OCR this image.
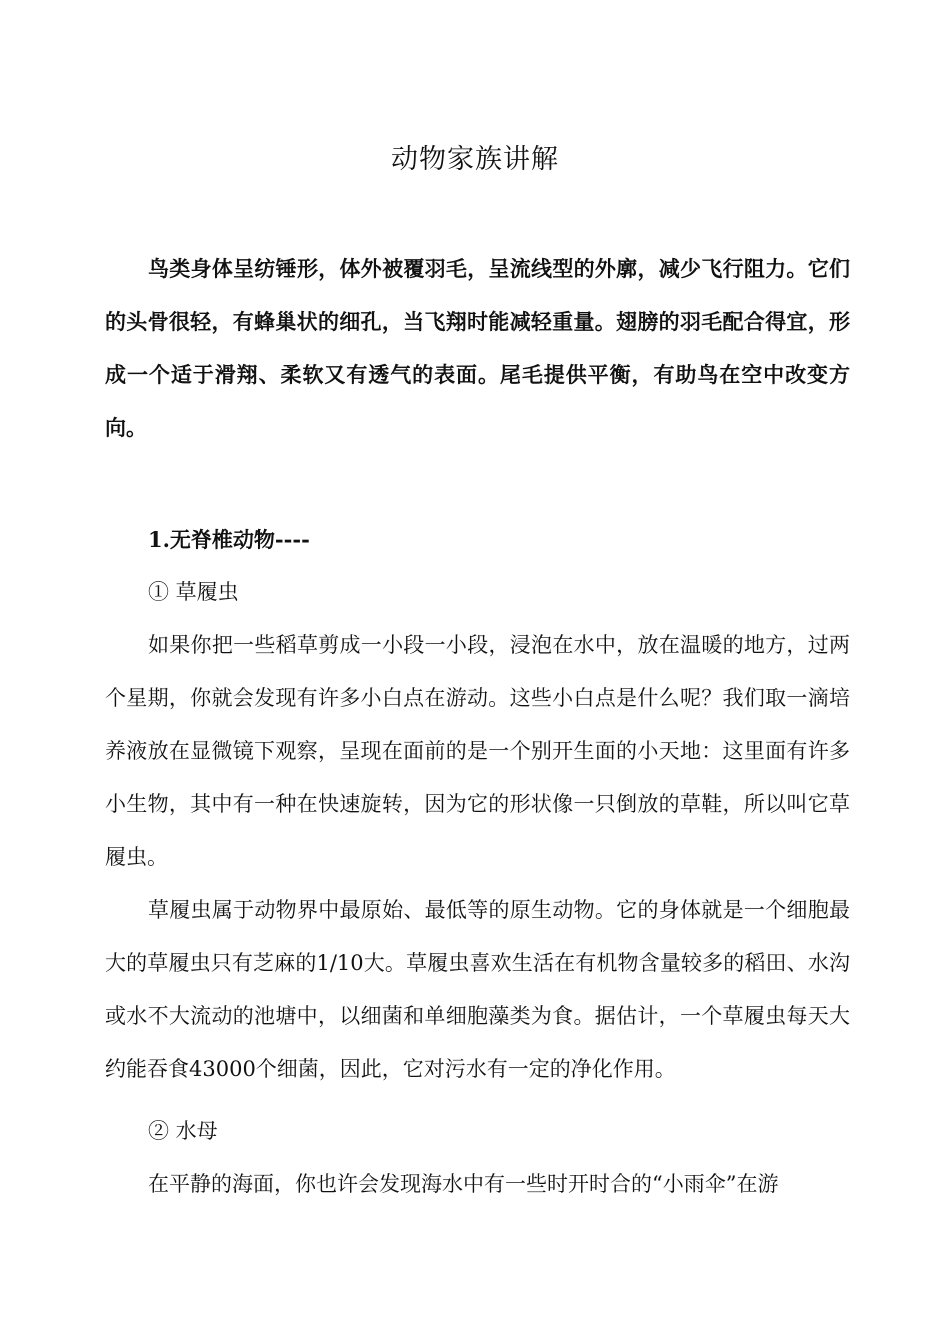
动物家族讲解

鸟类身体呈纺锤形，体外被覆羽毛，呈流线型的外廓，减少飞行阻力。它们的头骨很轻，有蜂巢状的细孔，当飞翔时能减轻重量。翅膀的羽毛配合得宜，形成一个适于滑翔、柔软又有透气的表面。尾毛提供平衡，有助鸟在空中改变方向。

1.无脊椎动物----
① 草履虫

如果你把一些稻草剪成一小段一小段，浸泡在水中，放在温暖的地方，过两个星期，你就会发现有许多小白点在游动。这些小白点是什么呢？我们取一滴培养液放在显微镜下观察，呈现在面前的是一个别开生面的小天地：这里面有许多小生物，其中有一种在快速旋转，因为它的形状像一只倒放的草鞋，所以叫它草履虫。

草履虫属于动物界中最原始、最低等的原生动物。它的身体就是一个细胞最大的草履虫只有芝麻的1/10大。草履虫喜欢生活在有机物含量较多的稻田、水沟或水不大流动的池塘中，以细菌和单细胞藻类为食。据估计，一个草履虫每天大约能吞食43000个细菌，因此，它对污水有一定的净化作用。

② 水母

在平静的海面，你也许会发现海水中有一些时开时合的“小雨伞”在游
